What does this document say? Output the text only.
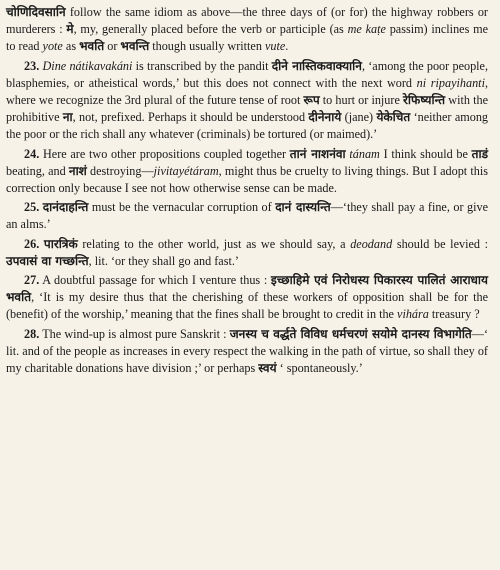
चोणिदिवसानि follow the same idiom as above—the three days of (or for) the highway robbers or murderers : मे, my, generally placed before the verb or participle (as me kaṭe passim) inclines me to read yote as भवति or भवन्ति though usually written vute.

23. Dine nátikavakáni is transcribed by the pandit दीने नास्तिकवाक्यानि, ‘among the poor people, blasphemies, or atheistical words,’ but this does not connect with the next word ni ripayihanti, where we recognize the 3rd plural of the future tense of root रूप to hurt or injure रेफिष्यन्ति with the prohibitive ना, not, prefixed. Perhaps it should be understood दीनेनाये (jane) येकेचित ‘neither among the poor or the rich shall any whatever (criminals) be tortured (or maimed).’

24. Here are two other propositions coupled together तानं नाशनंवा tánam I think should be ताडं beating, and नाशं destroying—jivitayétáram, might thus be cruelty to living things. But I adopt this correction only because I see not how otherwise sense can be made.

25. दानंदाहन्ति must be the vernacular corruption of दानं दास्यन्ति—‘they shall pay a fine, or give an alms.’

26. पारत्रिकं relating to the other world, just as we should say, a deodand should be levied : उपवासं वा गच्छन्ति, lit. ‘or they shall go and fast.’

27. A doubtful passage for which I venture thus : इच्छाहिमे एवं निरोधस्य पिकारस्य पालितं आराधाय भवति, ‘It is my desire thus that the cherishing of these workers of opposition shall be for the (benefit) of the worship,’ meaning that the fines shall be brought to credit in the vihára treasury ?

28. The wind-up is almost pure Sanskrit : जनस्य च वर्द्धते विविध धर्मचरणं सयोमे दानस्य विभागेति—‘ lit. and of the people as increases in every respect the walking in the path of virtue, so shall they of my charitable donations have division ;’ or perhaps स्वयं ‘ spontaneously.’
